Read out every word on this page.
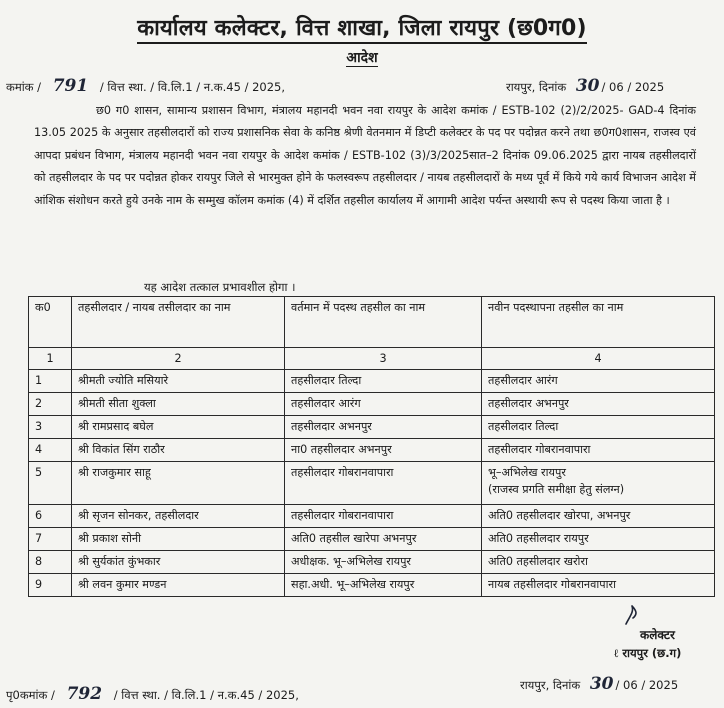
कार्यालय कलेक्टर, वित्त शाखा, जिला रायपुर (छ0ग0)
आदेश
कमांक / 791 / वित्त स्था. / वि.लि.1 / न.क.45 / 2025,	रायपुर, दिनांक 30 / 06 / 2025
छ0 ग0 शासन, सामान्य प्रशासन विभाग, मंत्रालय महानदी भवन नवा रायपुर के आदेश कमांक / ESTB-102 (2)/2/2025- GAD-4 दिनांक 13.05 2025 के अनुसार तहसीलदारों को राज्य प्रशासनिक सेवा के कनिष्ठ श्रेणी वेतनमान में डिप्टी कलेक्टर के पद पर पदोन्नत करने तथा छ0ग0शासन, राजस्व एवं आपदा प्रबंधन विभाग, मंत्रालय महानदी भवन नवा रायपुर के आदेश कमांक / ESTB-102 (3)/3/2025सात–2 दिनांक 09.06.2025 द्वारा नायब तहसीलदारों को तहसीलदार के पद पर पदोन्नत होकर रायपुर जिले से भारमुक्त होने के फलस्वरूप तहसीलदार / नायब तहसीलदारों के मध्य पूर्व में किये गये कार्य विभाजन आदेश में आंशिक संशोधन करते हुये उनके नाम के सम्मुख कॉलम कमांक (4) में दर्शित तहसील कार्यालय में आगामी आदेश पर्यन्त अस्थायी रूप से पदस्थ किया जाता है ।
यह आदेश तत्काल प्रभावशील होगा ।
क0	तहसीलदार / नायब तसीलदार का नाम	वर्तमान में पदस्थ तहसील का नाम	नवीन पदस्थापना तहसील का नाम
1	2	3	4
1	श्रीमती ज्योति मसियारे	तहसीलदार तिल्दा	तहसीलदार आरंग
2	श्रीमती सीता शुक्ला	तहसीलदार आरंग	तहसीलदार अभनपुर
3	श्री रामप्रसाद बघेल	तहसीलदार अभनपुर	तहसीलदार तिल्दा
4	श्री विकांत सिंग राठौर	ना0 तहसीलदार अभनपुर	तहसीलदार गोबरानवापारा
5	श्री राजकुमार साहू	तहसीलदार गोबरानवापारा	भू–अभिलेख रायपुर
(राजस्व प्रगति समीक्षा हेतु संलग्न)

6	श्री सृजन सोनकर, तहसीलदार	तहसीलदार गोबरानवापारा	अति0 तहसीलदार खोरपा, अभनपुर
7	श्री प्रकाश सोनी	अति0 तहसील खारेपा अभनपुर	अति0 तहसीलदार रायपुर
8	श्री सुर्यकांत कुंभकार	अधीक्षक. भू–अभिलेख रायपुर	अति0 तहसीलदार खरोरा
9	श्री लवन कुमार मण्डन	सहा.अधी. भू–अभिलेख रायपुर	नायब तहसीलदार गोबरानवापारा
कलेक्टर
ℓ रायपुर (छ.ग)
पृ0कमांक / 792 / वित्त स्था. / वि.लि.1 / न.क.45 / 2025,
रायपुर, दिनांक 30 / 06 / 2025
